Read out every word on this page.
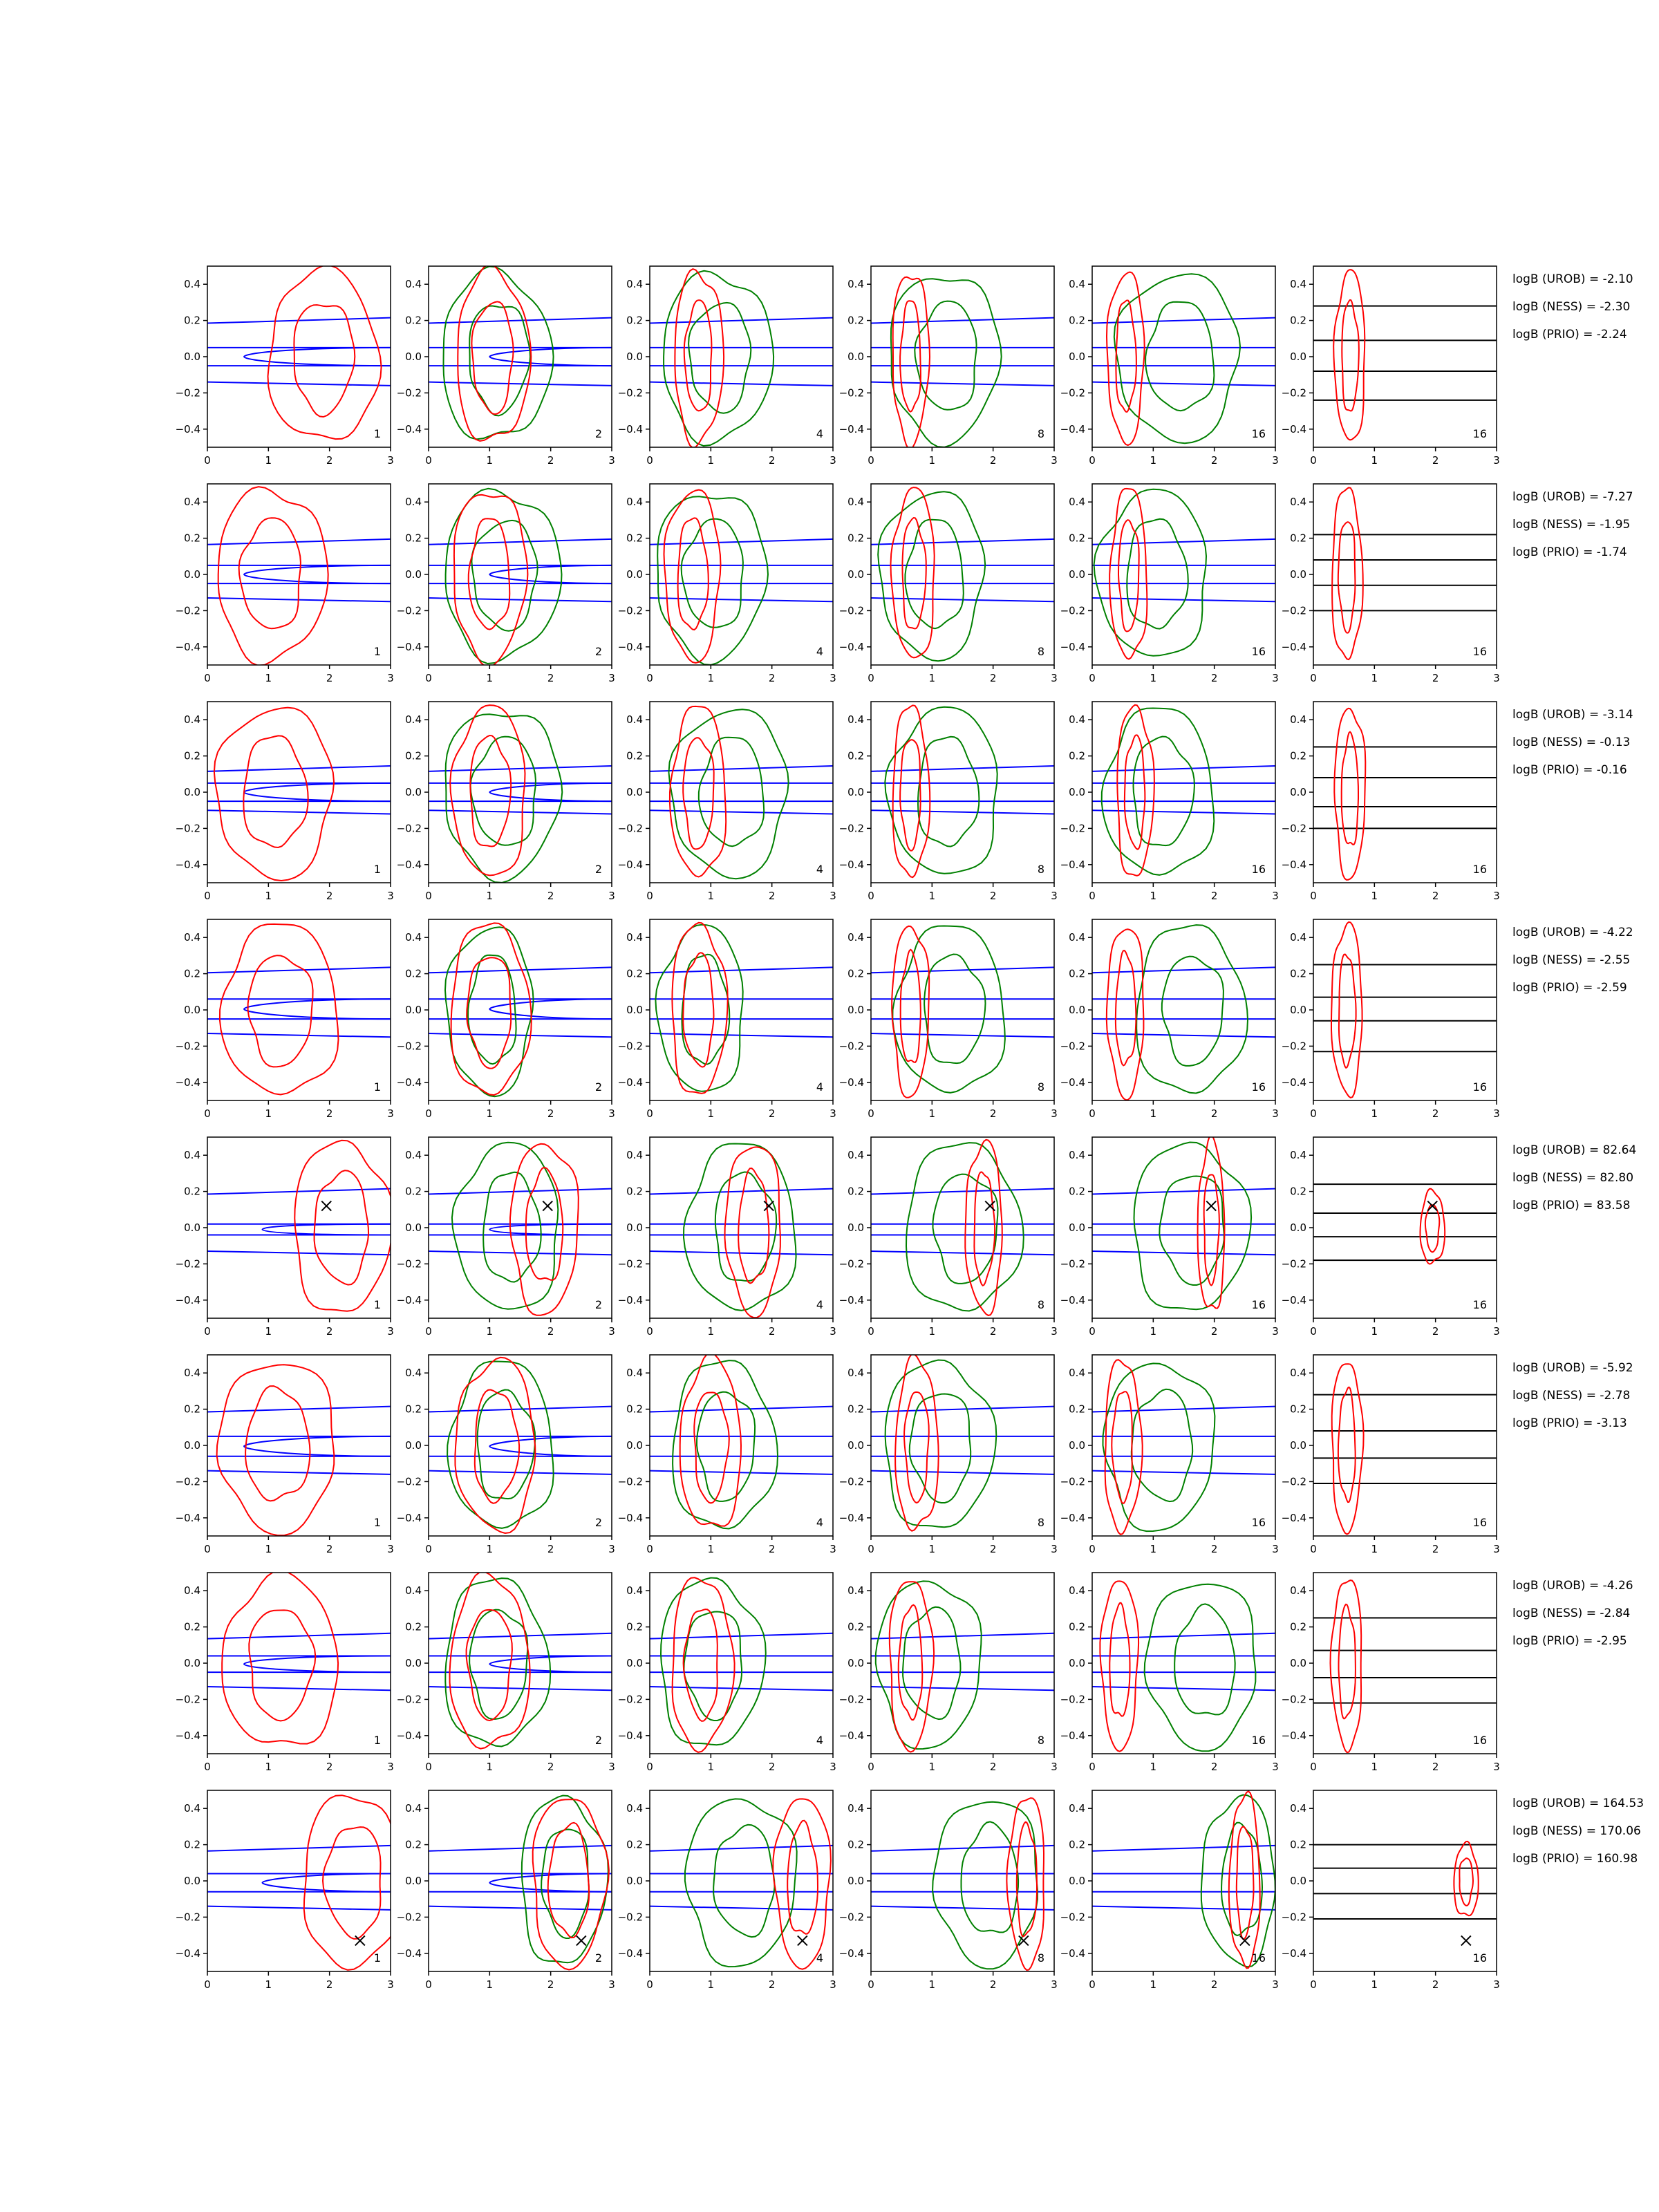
0.4
0.2
0.0
−0.2
−0.4
0	1	2	3
1
0.4
0.2
0.0
−0.2
−0.4
0	1	2	3
2
0.4
0.2
0.0
−0.2
−0.4
0	1	2	3
4
0.4
0.2
0.0
−0.2
−0.4
0	1	2	3
8
0.4
0.2
0.0
−0.2
−0.4
0	1	2	3
16
0.4
0.2
0.0
−0.2
−0.4
0	1	2	3
16
logB (UROB) = -2.10
logB (NESS) = -2.30
logB (PRIO) = -2.24
0.4
0.2
0.0
−0.2
−0.4
0	1	2	3
1
0.4
0.2
0.0
−0.2
−0.4
0	1	2	3
2
0.4
0.2
0.0
−0.2
−0.4
0	1	2	3
4
0.4
0.2
0.0
−0.2
−0.4
0	1	2	3
8
0.4
0.2
0.0
−0.2
−0.4
0	1	2	3
16
0.4
0.2
0.0
−0.2
−0.4
0	1	2	3
16
logB (UROB) = -7.27
logB (NESS) = -1.95
logB (PRIO) = -1.74
0.4
0.2
0.0
−0.2
−0.4
0	1	2	3
1
0.4
0.2
0.0
−0.2
−0.4
0	1	2	3
2
0.4
0.2
0.0
−0.2
−0.4
0	1	2	3
4
0.4
0.2
0.0
−0.2
−0.4
0	1	2	3
8
0.4
0.2
0.0
−0.2
−0.4
0	1	2	3
16
0.4
0.2
0.0
−0.2
−0.4
0	1	2	3
16
logB (UROB) = -3.14
logB (NESS) = -0.13
logB (PRIO) = -0.16
0.4
0.2
0.0
−0.2
−0.4
0	1	2	3
1
0.4
0.2
0.0
−0.2
−0.4
0	1	2	3
2
0.4
0.2
0.0
−0.2
−0.4
0	1	2	3
4
0.4
0.2
0.0
−0.2
−0.4
0	1	2	3
8
0.4
0.2
0.0
−0.2
−0.4
0	1	2	3
16
0.4
0.2
0.0
−0.2
−0.4
0	1	2	3
16
logB (UROB) = -4.22
logB (NESS) = -2.55
logB (PRIO) = -2.59
0.4
0.2
0.0
−0.2
−0.4
0	1	2	3
1
0.4
0.2
0.0
−0.2
−0.4
0	1	2	3
2
0.4
0.2
0.0
−0.2
−0.4
0	1	2	3
4
0.4
0.2
0.0
−0.2
−0.4
0	1	2	3
8
0.4
0.2
0.0
−0.2
−0.4
0	1	2	3
16
0.4
0.2
0.0
−0.2
−0.4
0	1	2	3
16
logB (UROB) = 82.64
logB (NESS) = 82.80
logB (PRIO) = 83.58
0.4
0.2
0.0
−0.2
−0.4
0	1	2	3
1
0.4
0.2
0.0
−0.2
−0.4
0	1	2	3
2
0.4
0.2
0.0
−0.2
−0.4
0	1	2	3
4
0.4
0.2
0.0
−0.2
−0.4
0	1	2	3
8
0.4
0.2
0.0
−0.2
−0.4
0	1	2	3
16
0.4
0.2
0.0
−0.2
−0.4
0	1	2	3
16
logB (UROB) = -5.92
logB (NESS) = -2.78
logB (PRIO) = -3.13
0.4
0.2
0.0
−0.2
−0.4
0	1	2	3
1
0.4
0.2
0.0
−0.2
−0.4
0	1	2	3
2
0.4
0.2
0.0
−0.2
−0.4
0	1	2	3
4
0.4
0.2
0.0
−0.2
−0.4
0	1	2	3
8
0.4
0.2
0.0
−0.2
−0.4
0	1	2	3
16
0.4
0.2
0.0
−0.2
−0.4
0	1	2	3
16
logB (UROB) = -4.26
logB (NESS) = -2.84
logB (PRIO) = -2.95
0.4
0.2
0.0
−0.2
−0.4
0	1	2	3
1
0.4
0.2
0.0
−0.2
−0.4
0	1	2	3
2
0.4
0.2
0.0
−0.2
−0.4
0	1	2	3
4
0.4
0.2
0.0
−0.2
−0.4
0	1	2	3
8
0.4
0.2
0.0
−0.2
−0.4
0	1	2	3
16
0.4
0.2
0.0
−0.2
−0.4
0	1	2	3
16
logB (UROB) = 164.53
logB (NESS) = 170.06
logB (PRIO) = 160.98
